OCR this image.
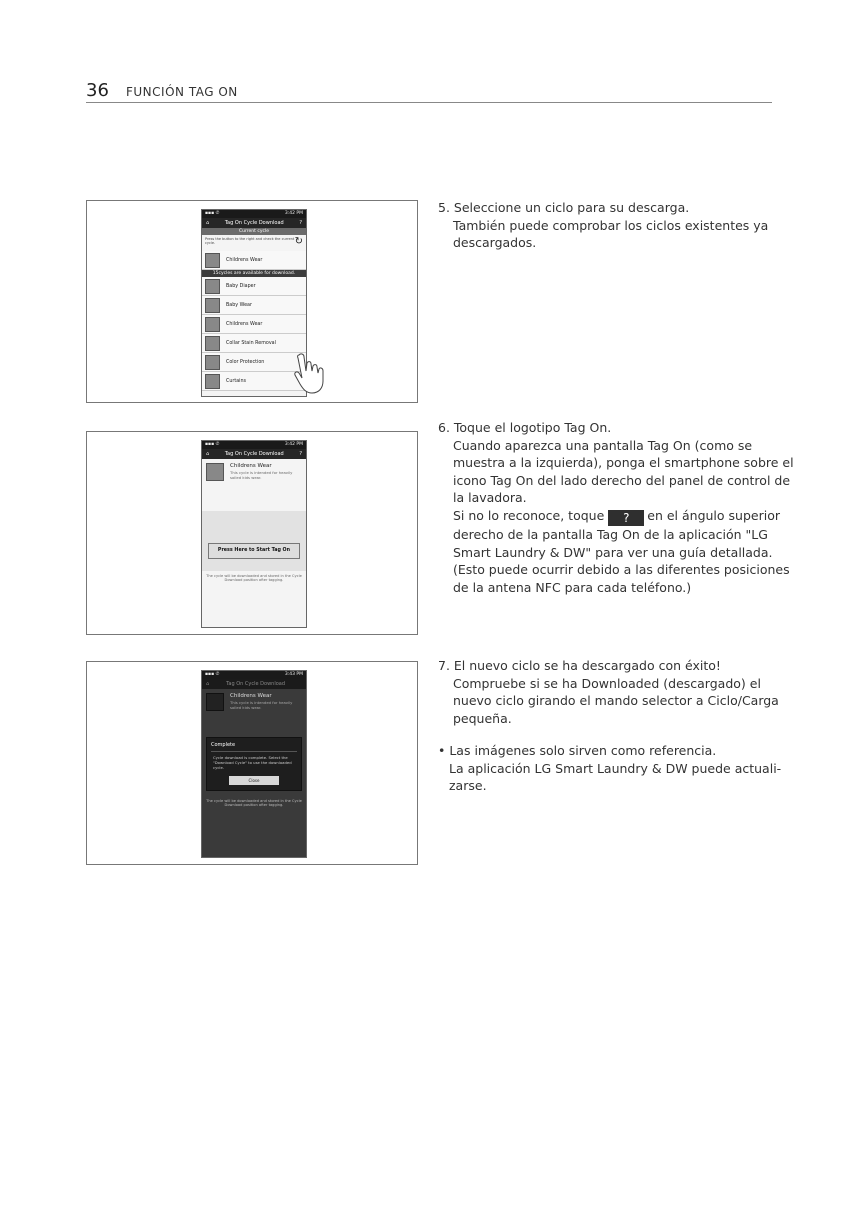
36 FUNCIÓN TAG ON
▪▪▪ ✆	3:42 PM
⌂	Tag On Cycle Download	?
Current cycle
Press the button to the right and check the current cycle.	↻
Childrens Wear
15cycles are available for download.
Baby Diaper
Baby Wear
Childrens Wear
Collar Stain Removal
Color Protection
Curtains
▪▪▪ ✆	3:42 PM
⌂	Tag On Cycle Download	?
Childrens Wear
This cycle is intended for heavily soiled kids wear.
Press Here to Start Tag On
The cycle will be downloaded and stored in the Cycle Download position after tagging.
▪▪▪ ✆	3:43 PM
⌂	Tag On Cycle Download
Childrens Wear
This cycle is intended for heavily soiled kids wear.
Complete
Cycle download is complete. Select the "Download Cycle" to use the downloaded cycle.
Close
The cycle will be downloaded and stored in the Cycle Download position after tagging.
5. Seleccione un ciclo para su descarga.
También puede comprobar los ciclos existentes ya
descargados.
6. Toque el logotipo Tag On.
Cuando aparezca una pantalla Tag On (como se
muestra a la izquierda), ponga el smartphone sobre el
icono Tag On del lado derecho del panel de control de
la lavadora.
Si no lo reconoce, toque ? en el ángulo superior
derecho de la pantalla Tag On de la aplicación "LG
Smart Laundry & DW" para ver una guía detallada.
(Esto puede ocurrir debido a las diferentes posiciones
de la antena NFC para cada teléfono.)
7. El nuevo ciclo se ha descargado con éxito!
Compruebe si se ha Downloaded (descargado) el
nuevo ciclo girando el mando selector a Ciclo/Carga
pequeña.
• Las imágenes solo sirven como referencia.
La aplicación LG Smart Laundry & DW puede actuali-
zarse.
